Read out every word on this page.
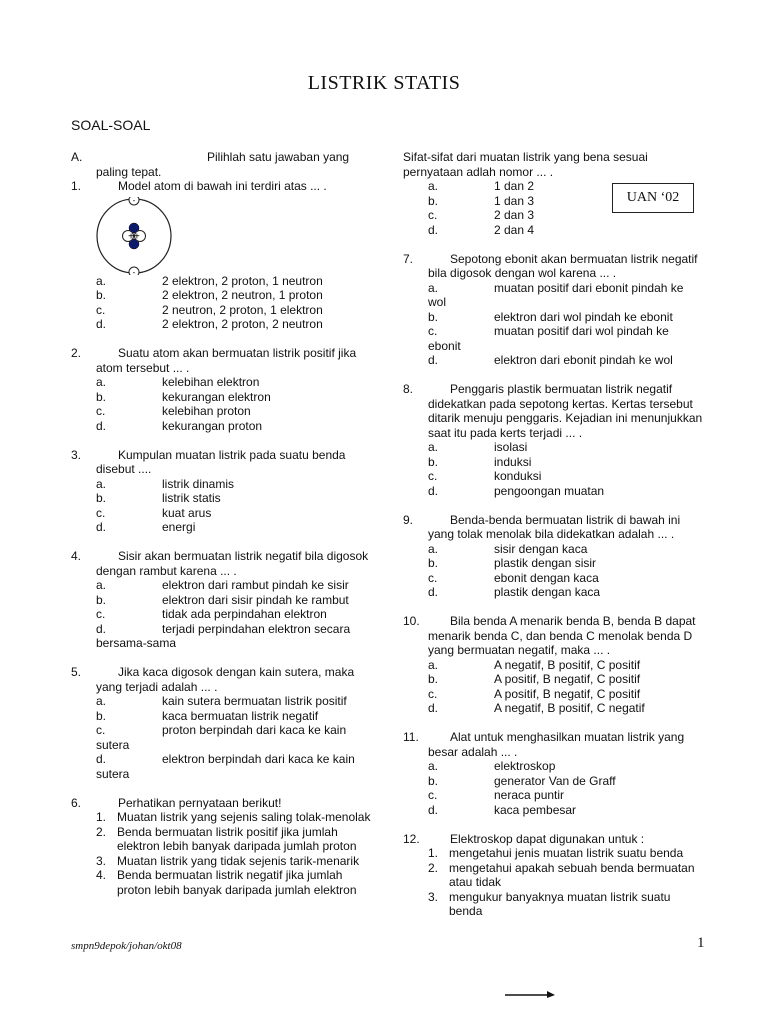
LISTRIK STATIS
SOAL-SOAL
A.	Pilihlah satu jawaban yang
paling tepat.
1.	Model atom di bawah ini terdiri atas ... .
-
-
++
a.	2 elektron, 2 proton, 1 neutron
b.	2 elektron, 2 neutron, 1 proton
c.	2 neutron, 2 proton, 1 elektron
d.	2 elektron, 2 proton, 2 neutron
2.	Suatu atom akan bermuatan listrik positif jika atom tersebut ... .
a.	kelebihan elektron
b.	kekurangan elektron
c.	kelebihan proton
d.	kekurangan proton
3.	Kumpulan muatan listrik pada suatu benda disebut ....
a.	listrik dinamis
b.	listrik statis
c.	kuat arus
d.	energi
4.	Sisir akan bermuatan listrik negatif bila digosok dengan rambut karena ... .
a.	elektron dari rambut pindah ke sisir
b.	elektron dari sisir pindah ke rambut
c.	tidak ada perpindahan elektron
d.	terjadi perpindahan elektron secara
bersama-sama
5.	Jika kaca digosok dengan kain sutera, maka yang terjadi adalah ... .
a.	kain sutera bermuatan listrik positif
b.	kaca bermuatan listrik negatif
c.	proton berpindah dari kaca ke kain
sutera
d.	elektron berpindah dari kaca ke kain
sutera
6.	Perhatikan pernyataan berikut!
1. Muatan listrik yang sejenis saling tolak-menolak
2. Benda bermuatan listrik positif jika jumlah elektron lebih banyak daripada jumlah proton
3. Muatan listrik yang tidak sejenis tarik-menarik
4. Benda bermuatan listrik negatif jika jumlah proton lebih banyak daripada jumlah elektron
Sifat-sifat dari muatan listrik yang bena sesuai pernyataan adlah nomor ... .
a.	1 dan 2
b.	1 dan 3
c.	2 dan 3
d.	2 dan 4
7.	Sepotong ebonit akan bermuatan listrik negatif bila digosok dengan wol karena ... .
a.	muatan positif dari ebonit pindah ke
wol
b.	elektron dari wol pindah ke ebonit
c.	muatan positif dari wol pindah ke
ebonit
d.	elektron dari ebonit pindah ke wol
8.	Penggaris plastik bermuatan listrik negatif didekatkan pada sepotong kertas. Kertas tersebut ditarik menuju penggaris. Kejadian ini menunjukkan saat itu pada kerts terjadi ... .
a.	isolasi
b.	induksi
c.	konduksi
d.	pengoongan muatan
9.	Benda-benda bermuatan listrik di bawah ini yang tolak menolak bila didekatkan adalah ... .
a.	sisir dengan kaca
b.	plastik dengan sisir
c.	ebonit dengan kaca
d.	plastik dengan kaca
10.	Bila benda A menarik benda B, benda B dapat menarik benda C, dan benda C menolak benda D yang bermuatan negatif, maka ... .
a.	A negatif, B positif, C positif
b.	A positif, B negatif, C positif
c.	A positif, B negatif, C positif
d.	A negatif, B positif, C negatif
11.	Alat untuk menghasilkan muatan listrik yang besar adalah ... .
a.	elektroskop
b.	generator Van de Graff
c.	neraca puntir
d.	kaca pembesar
12.	Elektroskop dapat digunakan untuk :
1. mengetahui jenis muatan listrik suatu benda
2. mengetahui apakah sebuah benda bermuatan atau tidak
3. mengukur banyaknya muatan listrik suatu benda
UAN ‘02
smpn9depok/johan/okt08	1
